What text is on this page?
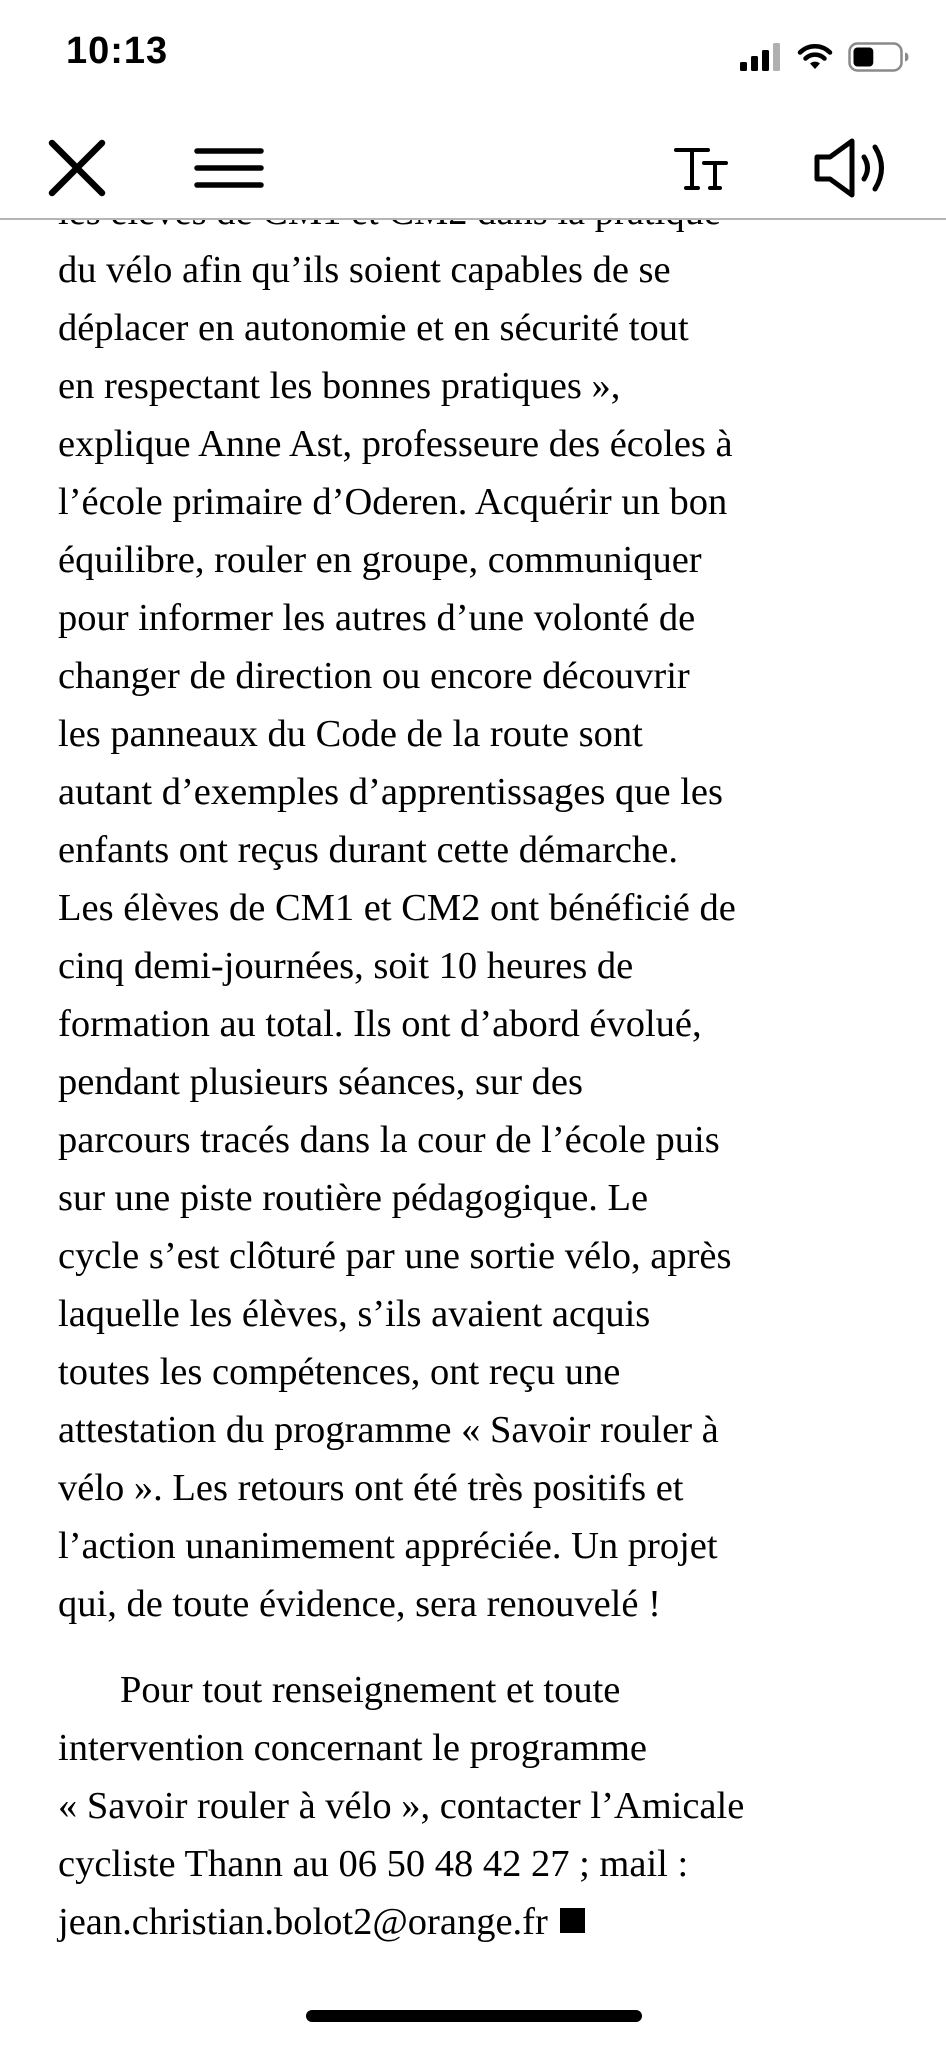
10:13

du vélo afin qu’ils soient capables de se
déplacer en autonomie et en sécurité tout
en respectant les bonnes pratiques »,
explique Anne Ast, professeure des écoles à
l’école primaire d’Oderen. Acquérir un bon
équilibre, rouler en groupe, communiquer
pour informer les autres d’une volonté de
changer de direction ou encore découvrir
les panneaux du Code de la route sont
autant d’exemples d’apprentissages que les
enfants ont reçus durant cette démarche.
Les élèves de CM1 et CM2 ont bénéficié de
cinq demi-journées, soit 10 heures de
formation au total. Ils ont d’abord évolué,
pendant plusieurs séances, sur des
parcours tracés dans la cour de l’école puis
sur une piste routière pédagogique. Le
cycle s’est clôturé par une sortie vélo, après
laquelle les élèves, s’ils avaient acquis
toutes les compétences, ont reçu une
attestation du programme « Savoir rouler à
vélo ». Les retours ont été très positifs et
l’action unanimement appréciée. Un projet
qui, de toute évidence, sera renouvelé !

Pour tout renseignement et toute
intervention concernant le programme
« Savoir rouler à vélo », contacter l’Amicale
cycliste Thann au 06 50 48 42 27 ; mail :
jean.christian.bolot2@orange.fr
